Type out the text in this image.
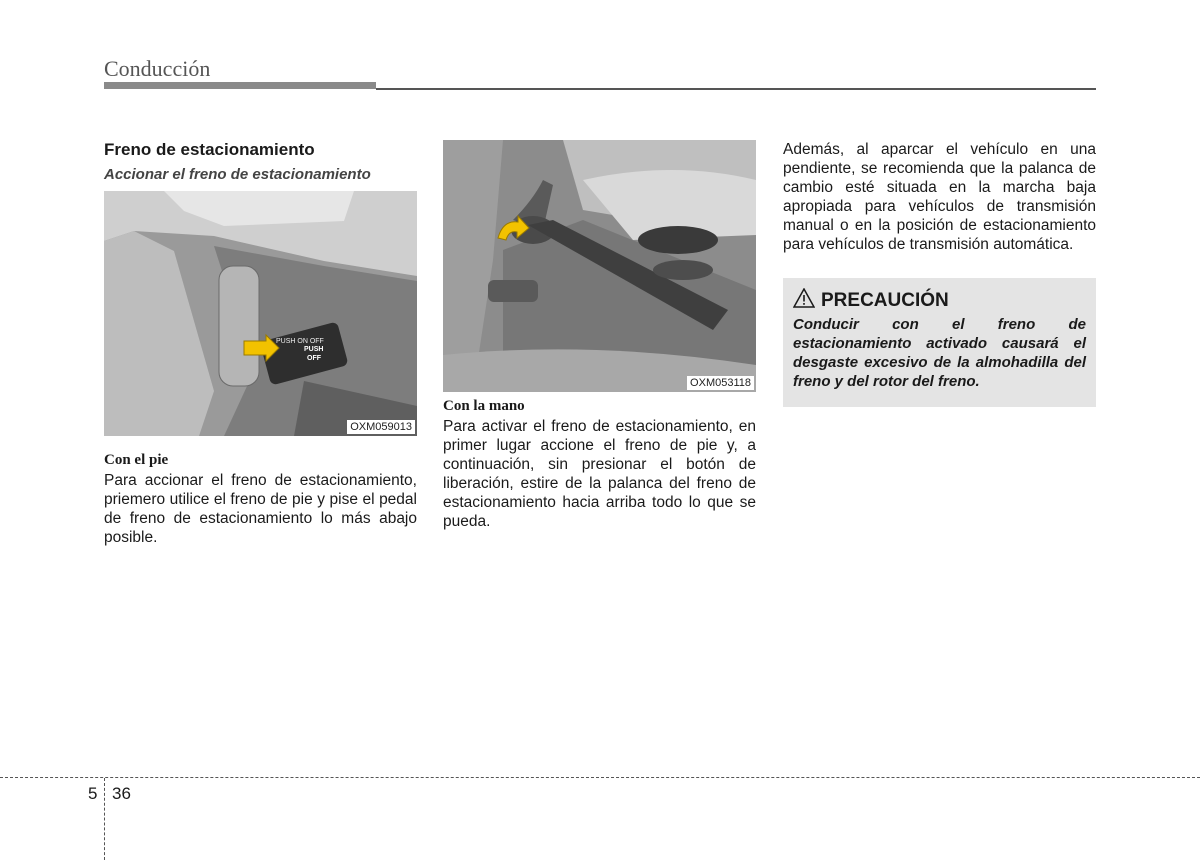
Conducción
Freno de estacionamiento
Accionar el freno de estacionamiento
PUSH ON OFF
PUSH
OFF
OXM059013
Con el pie

Para accionar el freno de estacionamiento, priemero utilice el freno de pie y pise el pedal de freno de estacionamiento lo más abajo posible.

OXM053118
Con la mano

Para activar el freno de estacionamiento, en primer lugar accione el freno de pie y, a continuación, sin presionar el botón de liberación, estire de la palanca del freno de estacionamiento hacia arriba todo lo que se pueda.

Además, al aparcar el vehículo en una pendiente, se recomienda que la palanca de cambio esté situada en la marcha baja apropiada para vehículos de transmisión manual o en la posición de estacionamiento para vehículos de transmisión automática.

PRECAUCIÓN
Conducir con el freno de estacionamiento activado causará el desgaste excesivo de la almohadilla del freno y del rotor del freno.
5 36
